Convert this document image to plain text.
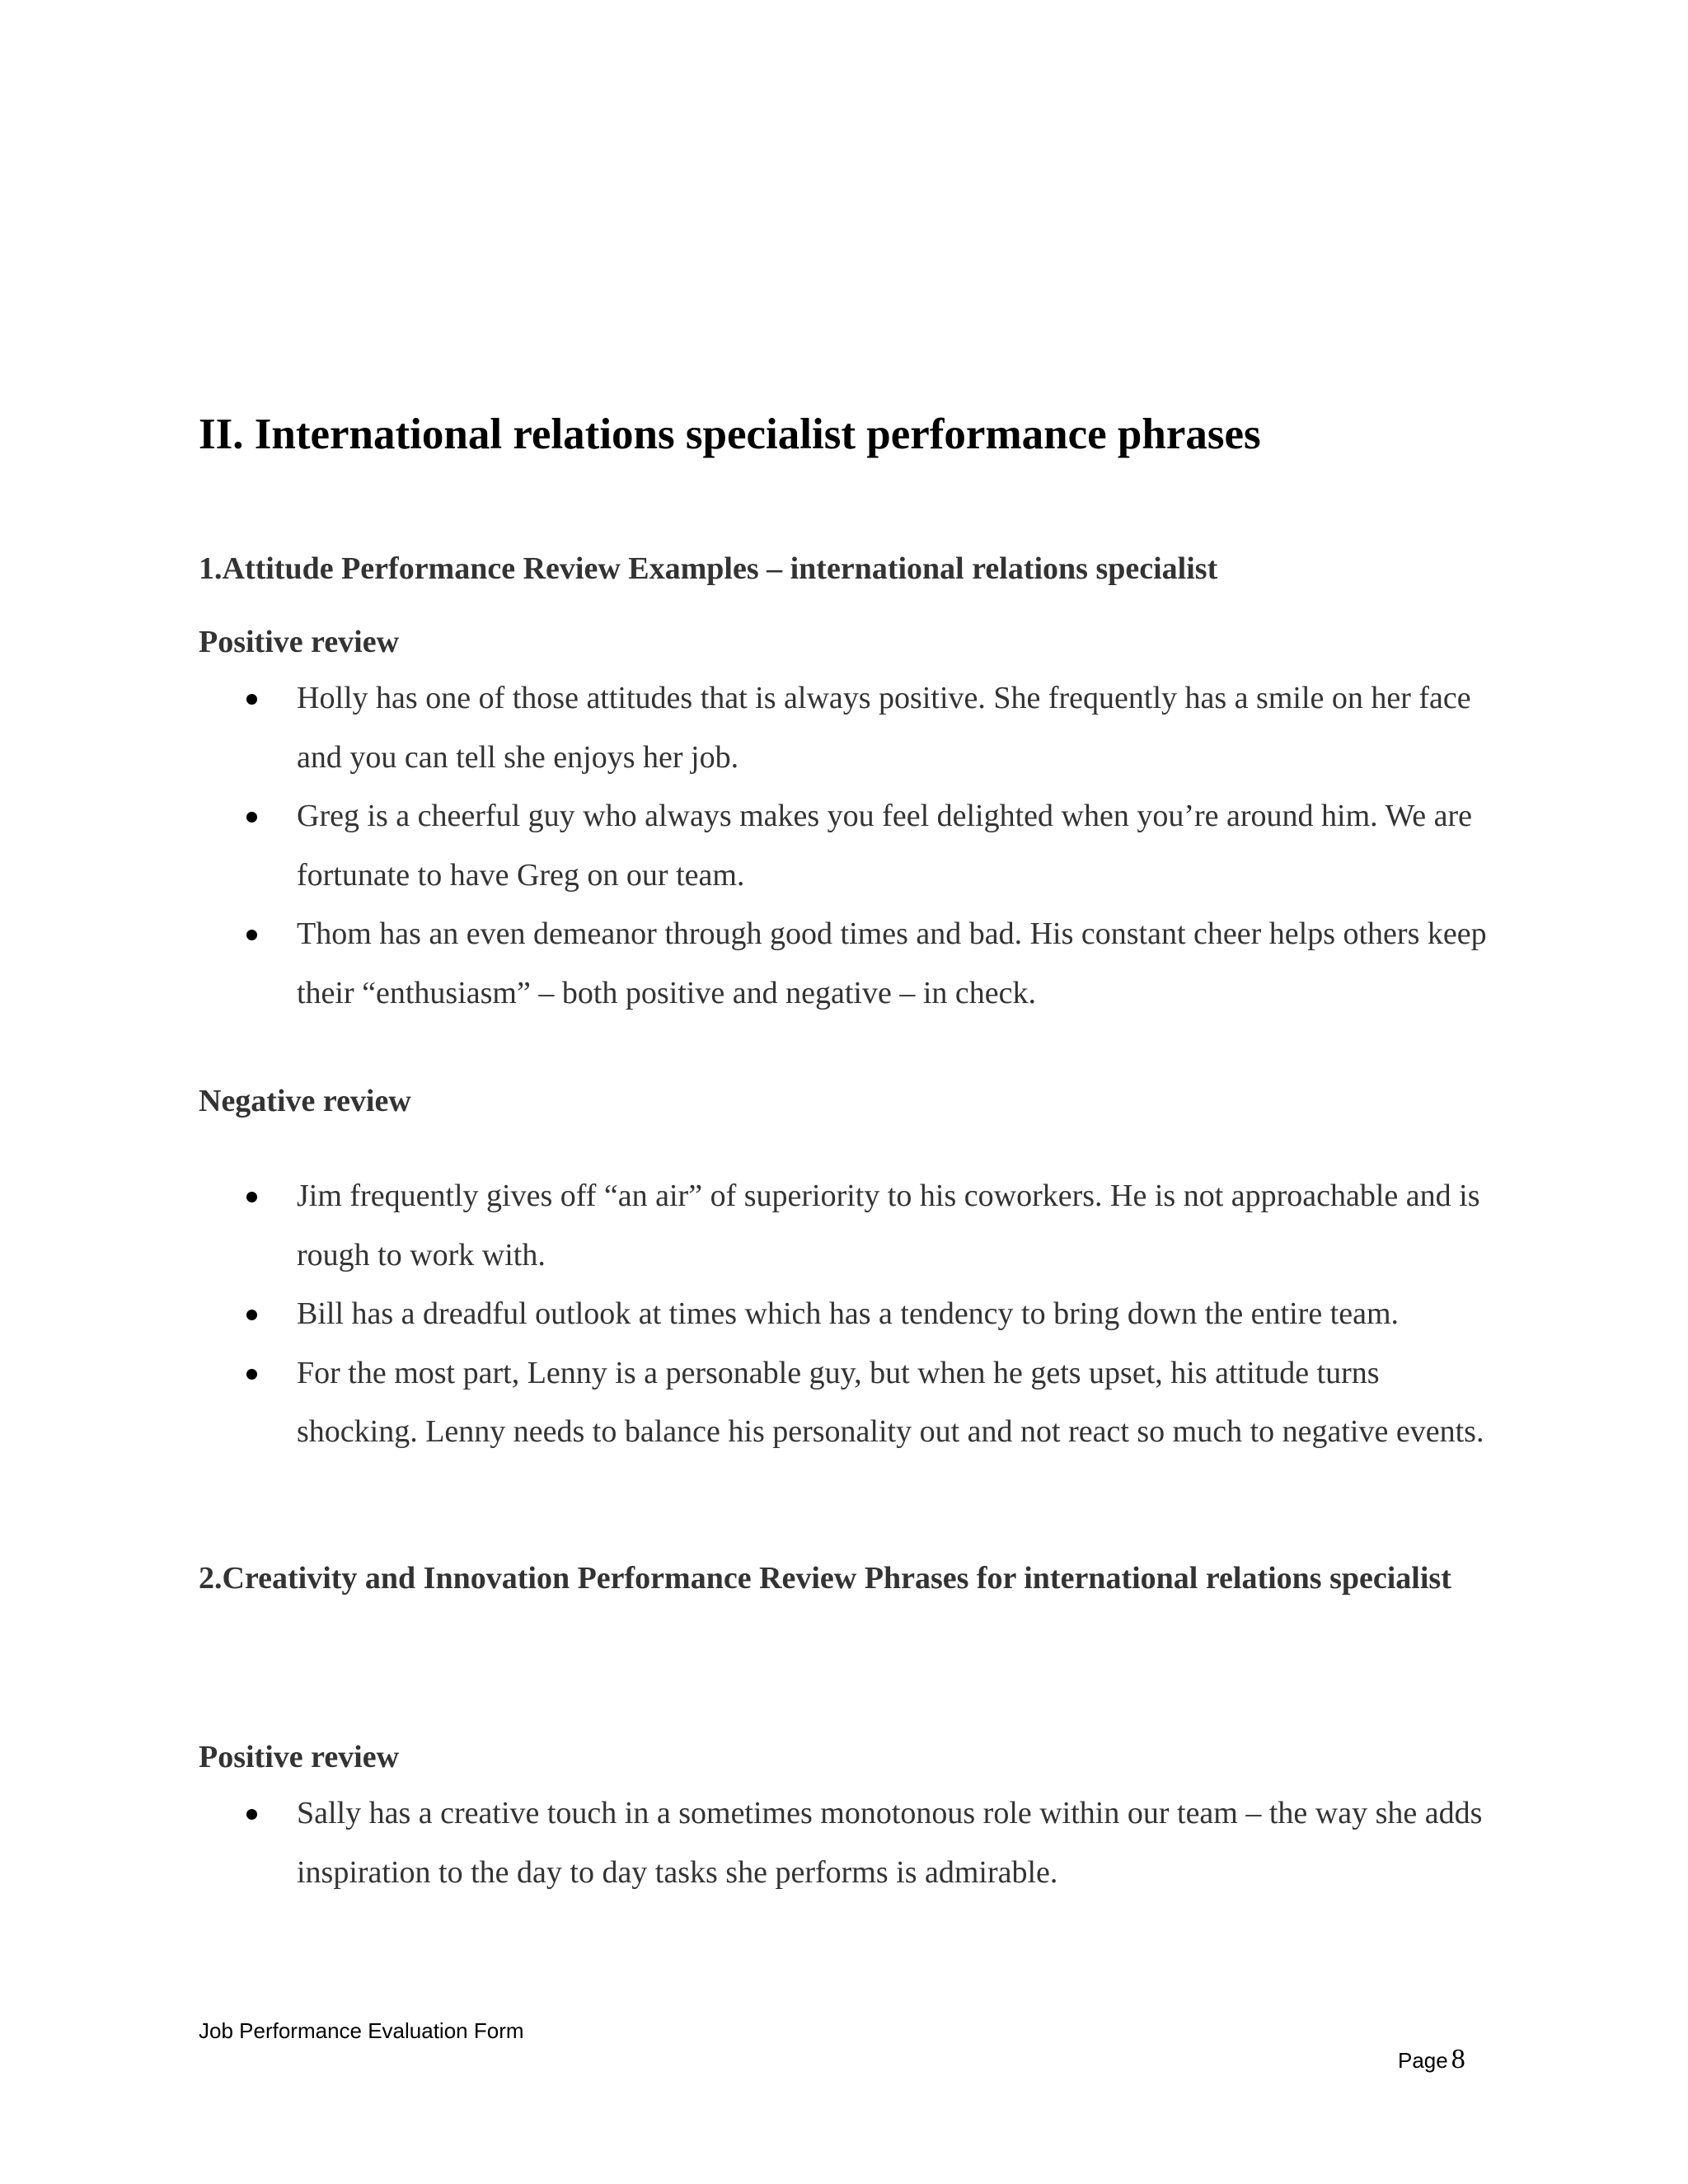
II. International relations specialist performance phrases
1.Attitude Performance Review Examples – international relations specialist
Positive review
Holly has one of those attitudes that is always positive. She frequently has a smile on her face and you can tell she enjoys her job.
Greg is a cheerful guy who always makes you feel delighted when you’re around him. We are fortunate to have Greg on our team.
Thom has an even demeanor through good times and bad. His constant cheer helps others keep their “enthusiasm” – both positive and negative – in check.
Negative review
Jim frequently gives off “an air” of superiority to his coworkers. He is not approachable and is rough to work with.
Bill has a dreadful outlook at times which has a tendency to bring down the entire team.
For the most part, Lenny is a personable guy, but when he gets upset, his attitude turns shocking. Lenny needs to balance his personality out and not react so much to negative events.
2.Creativity and Innovation Performance Review Phrases for international relations specialist
Positive review
Sally has a creative touch in a sometimes monotonous role within our team – the way she adds inspiration to the day to day tasks she performs is admirable.
Job Performance Evaluation Form
Page 8
